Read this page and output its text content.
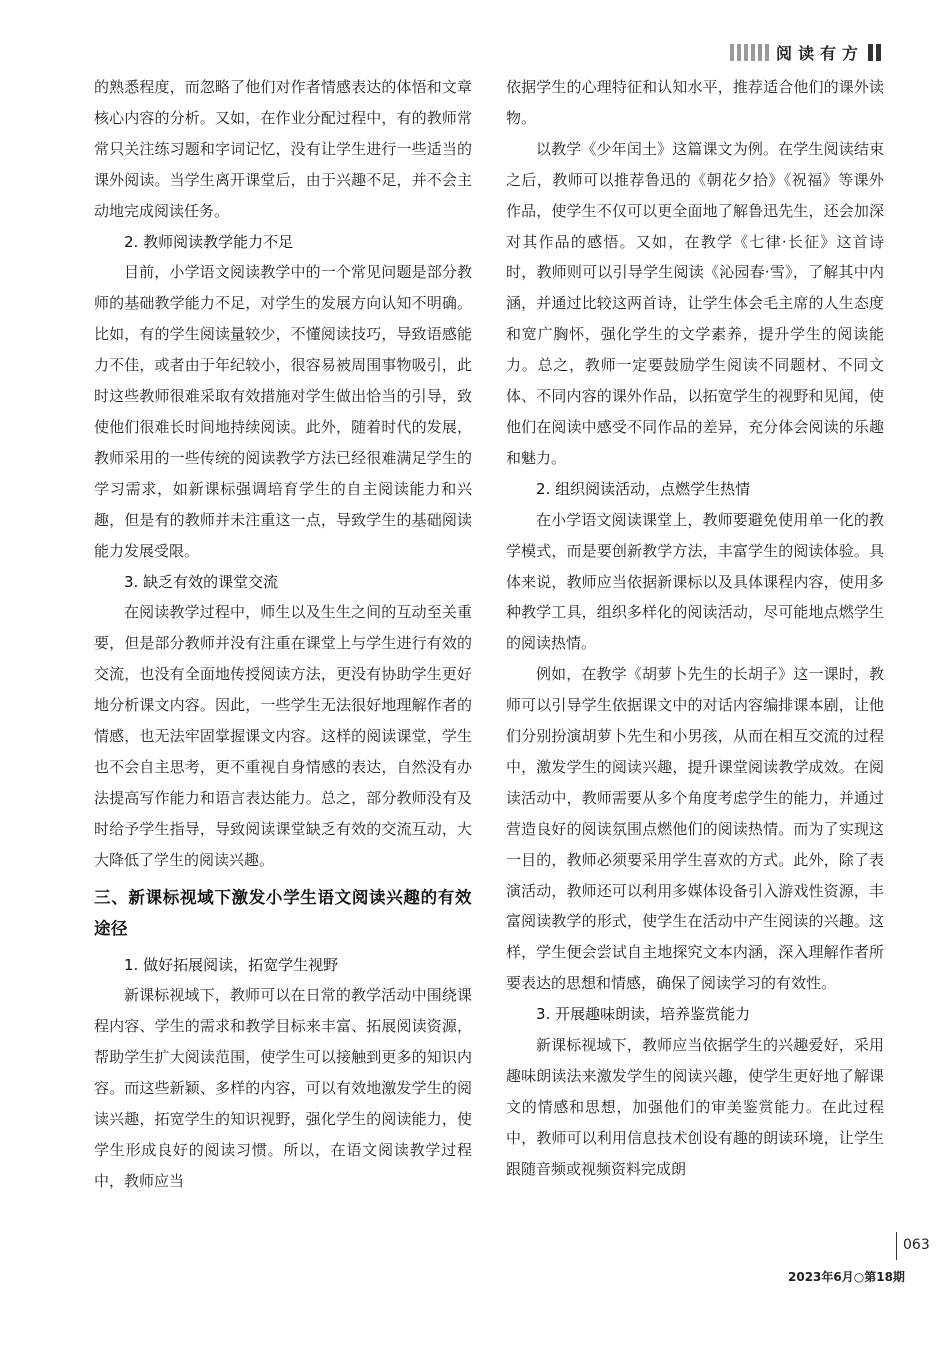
阅读有方

的熟悉程度，而忽略了他们对作者情感表达的体悟和文章核心内容的分析。又如，在作业分配过程中，有的教师常常只关注练习题和字词记忆，没有让学生进行一些适当的课外阅读。当学生离开课堂后，由于兴趣不足，并不会主动地完成阅读任务。

2. 教师阅读教学能力不足

目前，小学语文阅读教学中的一个常见问题是部分教师的基础教学能力不足，对学生的发展方向认知不明确。比如，有的学生阅读量较少，不懂阅读技巧，导致语感能力不佳，或者由于年纪较小，很容易被周围事物吸引，此时这些教师很难采取有效措施对学生做出恰当的引导，致使他们很难长时间地持续阅读。此外，随着时代的发展，教师采用的一些传统的阅读教学方法已经很难满足学生的学习需求，如新课标强调培育学生的自主阅读能力和兴趣，但是有的教师并未注重这一点，导致学生的基础阅读能力发展受限。

3. 缺乏有效的课堂交流

在阅读教学过程中，师生以及生生之间的互动至关重要，但是部分教师并没有注重在课堂上与学生进行有效的交流，也没有全面地传授阅读方法，更没有协助学生更好地分析课文内容。因此，一些学生无法很好地理解作者的情感，也无法牢固掌握课文内容。这样的阅读课堂，学生也不会自主思考，更不重视自身情感的表达，自然没有办法提高写作能力和语言表达能力。总之，部分教师没有及时给予学生指导，导致阅读课堂缺乏有效的交流互动，大大降低了学生的阅读兴趣。

三、新课标视域下激发小学生语文阅读兴趣的有效途径
1. 做好拓展阅读，拓宽学生视野

新课标视域下，教师可以在日常的教学活动中围绕课程内容、学生的需求和教学目标来丰富、拓展阅读资源，帮助学生扩大阅读范围，使学生可以接触到更多的知识内容。而这些新颖、多样的内容，可以有效地激发学生的阅读兴趣，拓宽学生的知识视野，强化学生的阅读能力，使学生形成良好的阅读习惯。所以，在语文阅读教学过程中，教师应当

依据学生的心理特征和认知水平，推荐适合他们的课外读物。

以教学《少年闰土》这篇课文为例。在学生阅读结束之后，教师可以推荐鲁迅的《朝花夕拾》《祝福》等课外作品，使学生不仅可以更全面地了解鲁迅先生，还会加深对其作品的感悟。又如，在教学《七律·长征》这首诗时，教师则可以引导学生阅读《沁园春·雪》，了解其中内涵，并通过比较这两首诗，让学生体会毛主席的人生态度和宽广胸怀，强化学生的文学素养，提升学生的阅读能力。总之，教师一定要鼓励学生阅读不同题材、不同文体、不同内容的课外作品，以拓宽学生的视野和见闻，使他们在阅读中感受不同作品的差异，充分体会阅读的乐趣和魅力。

2. 组织阅读活动，点燃学生热情

在小学语文阅读课堂上，教师要避免使用单一化的教学模式，而是要创新教学方法，丰富学生的阅读体验。具体来说，教师应当依据新课标以及具体课程内容，使用多种教学工具，组织多样化的阅读活动，尽可能地点燃学生的阅读热情。

例如，在教学《胡萝卜先生的长胡子》这一课时，教师可以引导学生依据课文中的对话内容编排课本剧，让他们分别扮演胡萝卜先生和小男孩，从而在相互交流的过程中，激发学生的阅读兴趣，提升课堂阅读教学成效。在阅读活动中，教师需要从多个角度考虑学生的能力，并通过营造良好的阅读氛围点燃他们的阅读热情。而为了实现这一目的，教师必须要采用学生喜欢的方式。此外，除了表演活动，教师还可以利用多媒体设备引入游戏性资源，丰富阅读教学的形式，使学生在活动中产生阅读的兴趣。这样，学生便会尝试自主地探究文本内涵，深入理解作者所要表达的思想和情感，确保了阅读学习的有效性。

3. 开展趣味朗读，培养鉴赏能力

新课标视域下，教师应当依据学生的兴趣爱好，采用趣味朗读法来激发学生的阅读兴趣，使学生更好地了解课文的情感和思想，加强他们的审美鉴赏能力。在此过程中，教师可以利用信息技术创设有趣的朗读环境，让学生跟随音频或视频资料完成朗

063
2023年6月○第18期
